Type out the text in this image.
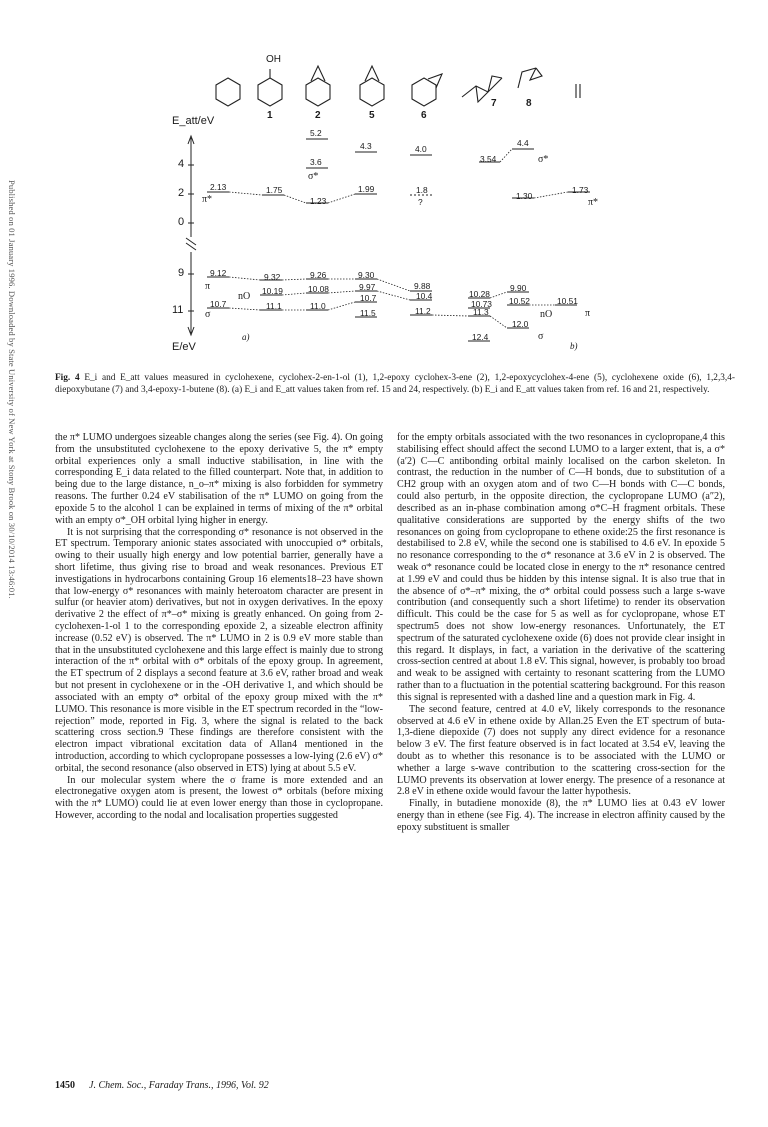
Published on 01 January 1996. Downloaded by State University of New York at Stony Brook on 30/10/2014 13:46:01.
OH
1	2	5	6
7	8
E_att/eV
E/eV
4
2
0
9
11
a)
b)
σ*
σ*
π*	π*
π
π
nO
nO
σ
σ
5.2
4.3	4.0
3.6
4.4
3.54
2.13	1.75	1.99	1.8
1.23	?
1.30
1.73
9.12	9.32	9.26	9.30
9.88
10.4
10.19	10.08	9.97
10.28
10.73
9.90
10.52	10.51
10.7	11.1	11.0
10.7
11.5	11.2	11.3
12.0
12.4
Fig. 4 E_i and E_att values measured in cyclohexene, cyclohex-2-en-1-ol (1), 1,2-epoxy cyclohex-3-ene (2), 1,2-epoxycyclohex-4-ene (5), cyclohexene oxide (6), 1,2,3,4-diepoxybutane (7) and 3,4-epoxy-1-butene (8). (a) E_i and E_att values taken from ref. 15 and 24, respectively. (b) E_i and E_att values taken from ref. 16 and 21, respectively.

the π* LUMO undergoes sizeable changes along the series (see Fig. 4). On going from the unsubstituted cyclohexene to the epoxy derivative 5, the π* empty orbital experiences only a small inductive stabilisation, in line with the corresponding E_i data related to the filled counterpart. Note that, in addition to being due to the large distance, n_o–π* mixing is also forbidden for symmetry reasons. The further 0.24 eV stabilisation of the π* LUMO on going from the epoxide 5 to the alcohol 1 can be explained in terms of mixing of the π* orbital with an empty σ*_OH orbital lying higher in energy.

It is not surprising that the corresponding σ* resonance is not observed in the ET spectrum. Temporary anionic states associated with unoccupied σ* orbitals, owing to their usually high energy and low potential barrier, generally have a short lifetime, thus giving rise to broad and weak resonances. Previous ET investigations in hydrocarbons containing Group 16 elements18–23 have shown that low-energy σ* resonances with mainly heteroatom character are present in sulfur (or heavier atom) derivatives, but not in oxygen derivatives. In the epoxy derivative 2 the effect of π*–σ* mixing is greatly enhanced. On going from 2-cyclohexen-1-ol 1 to the corresponding epoxide 2, a sizeable electron affinity increase (0.52 eV) is observed. The π* LUMO in 2 is 0.9 eV more stable than that in the unsubstituted cyclohexene and this large effect is mainly due to strong interaction of the π* orbital with σ* orbitals of the epoxy group. In agreement, the ET spectrum of 2 displays a second feature at 3.6 eV, rather broad and weak but not present in cyclohexene or in the -OH derivative 1, and which should be associated with an empty σ* orbital of the epoxy group mixed with the π* LUMO. This resonance is more visible in the ET spectrum recorded in the “low-rejection” mode, reported in Fig. 3, where the signal is related to the back scattering cross section.9 These findings are therefore consistent with the electron impact vibrational excitation data of Allan4 mentioned in the introduction, according to which cyclopropane possesses a low-lying (2.6 eV) σ* orbital, the second resonance (also observed in ETS) lying at about 5.5 eV.

In our molecular system where the σ frame is more extended and an electronegative oxygen atom is present, the lowest σ* orbitals (before mixing with the π* LUMO) could lie at even lower energy than those in cyclopropane. However, according to the nodal and localisation properties suggested

for the empty orbitals associated with the two resonances in cyclopropane,4 this stabilising effect should affect the second LUMO to a larger extent, that is, a σ*(a′2) C—C antibonding orbital mainly localised on the carbon skeleton. In contrast, the reduction in the number of C—H bonds, due to substitution of a CH2 group with an oxygen atom and of two C—H bonds with C—C bonds, could also perturb, in the opposite direction, the cyclopropane LUMO (a″2), described as an in-phase combination among σ*C–H fragment orbitals. These qualitative considerations are supported by the energy shifts of the two resonances on going from cyclopropane to ethene oxide:25 the first resonance is destabilised to 2.8 eV, while the second one is stabilised to 4.6 eV. In epoxide 5 no resonance corresponding to the σ* resonance at 3.6 eV in 2 is observed. The weak σ* resonance could be located close in energy to the π* resonance centred at 1.99 eV and could thus be hidden by this intense signal. It is also true that in the absence of σ*–π* mixing, the σ* orbital could possess such a large s-wave contribution (and consequently such a short lifetime) to render its observation difficult. This could be the case for 5 as well as for cyclopropane, whose ET spectrum5 does not show low-energy resonances. Unfortunately, the ET spectrum of the saturated cyclohexene oxide (6) does not provide clear insight in this regard. It displays, in fact, a variation in the derivative of the scattering cross-section centred at about 1.8 eV. This signal, however, is probably too broad and weak to be assigned with certainty to resonant scattering from the LUMO rather than to a fluctuation in the potential scattering background. For this reason this signal is represented with a dashed line and a question mark in Fig. 4.

The second feature, centred at 4.0 eV, likely corresponds to the resonance observed at 4.6 eV in ethene oxide by Allan.25 Even the ET spectrum of buta-1,3-diene diepoxide (7) does not supply any direct evidence for a resonance below 3 eV. The first feature observed is in fact located at 3.54 eV, leaving the doubt as to whether this resonance is to be associated with the LUMO or whether a large s-wave contribution to the scattering cross-section for the LUMO prevents its observation at lower energy. The presence of a resonance at 2.8 eV in ethene oxide would favour the latter hypothesis.

Finally, in butadiene monoxide (8), the π* LUMO lies at 0.43 eV lower energy than in ethene (see Fig. 4). The increase in electron affinity caused by the epoxy substituent is smaller

1450 J. Chem. Soc., Faraday Trans., 1996, Vol. 92
